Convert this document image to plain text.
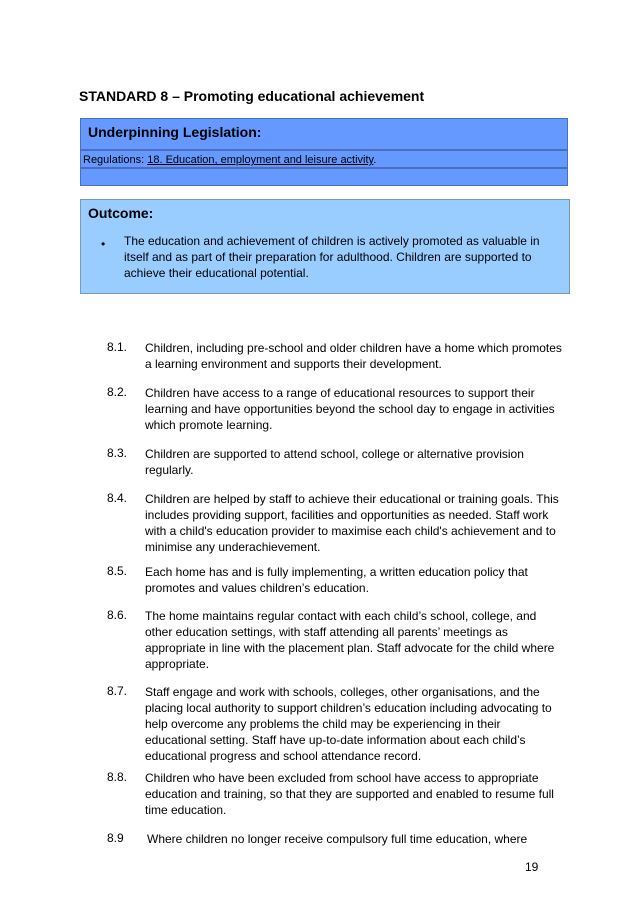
STANDARD 8 – Promoting educational achievement
Underpinning Legislation:
Regulations: 18. Education, employment and leisure activity.
Outcome:
• The education and achievement of children is actively promoted as valuable in itself and as part of their preparation for adulthood. Children are supported to achieve their educational potential.
8.1. Children, including pre-school and older children have a home which promotes a learning environment and supports their development.
8.2. Children have access to a range of educational resources to support their learning and have opportunities beyond the school day to engage in activities which promote learning.
8.3. Children are supported to attend school, college or alternative provision regularly.
8.4. Children are helped by staff to achieve their educational or training goals. This includes providing support, facilities and opportunities as needed. Staff work with a child's education provider to maximise each child's achievement and to minimise any underachievement.
8.5. Each home has and is fully implementing, a written education policy that promotes and values children’s education.
8.6. The home maintains regular contact with each child’s school, college, and other education settings, with staff attending all parents’ meetings as appropriate in line with the placement plan. Staff advocate for the child where appropriate.
8.7. Staff engage and work with schools, colleges, other organisations, and the placing local authority to support children’s education including advocating to help overcome any problems the child may be experiencing in their educational setting. Staff have up-to-date information about each child’s educational progress and school attendance record.
8.8. Children who have been excluded from school have access to appropriate education and training, so that they are supported and enabled to resume full time education.
8.9 Where children no longer receive compulsory full time education, where
19
